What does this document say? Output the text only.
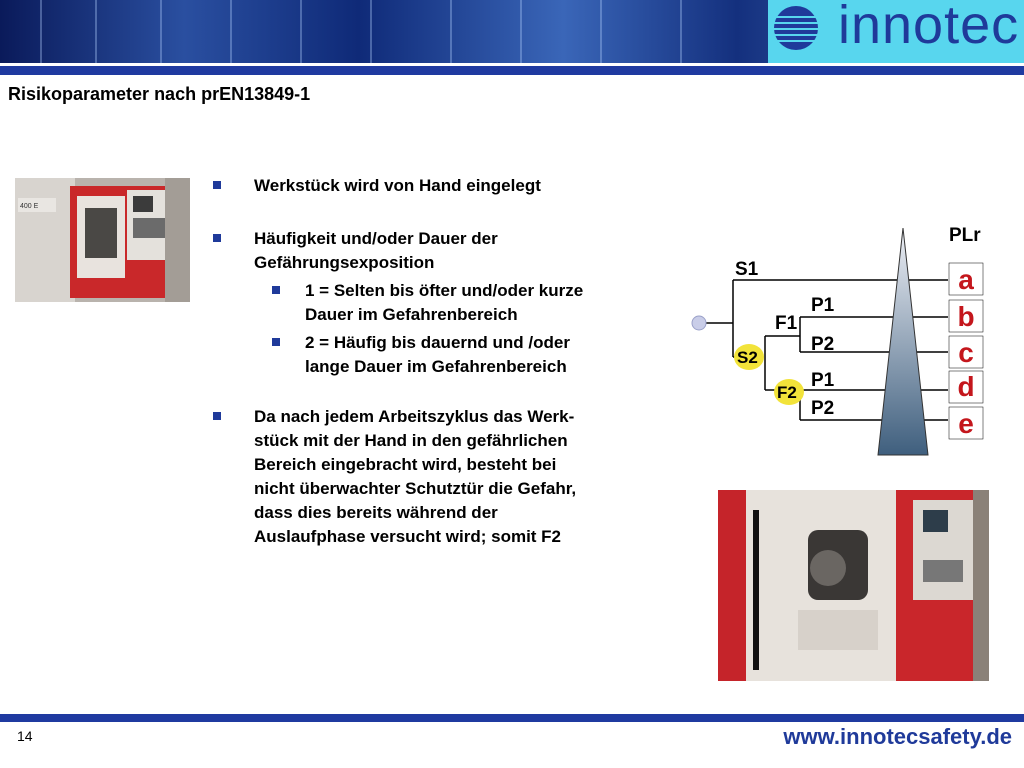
innotec
Risikoparameter nach prEN13849-1
400 E
Werkstück wird von Hand eingelegt
Häufigkeit und/oder Dauer der
Gefährungsexposition
1 = Selten bis öfter und/oder kurze
Dauer im Gefahrenbereich
2 = Häufig bis dauernd und /oder
lange Dauer im Gefahrenbereich
Da nach jedem Arbeitszyklus das Werk-
stück mit der Hand in den gefährlichen
Bereich eingebracht wird, besteht bei
nicht überwachter Schutztür die Gefahr,
dass dies bereits während der
Auslaufphase versucht wird; somit F2
PLr
S1
F1
P1
P2
P1
P2
S2
F2
a
b
c
d
e
14	www.innotecsafety.de
